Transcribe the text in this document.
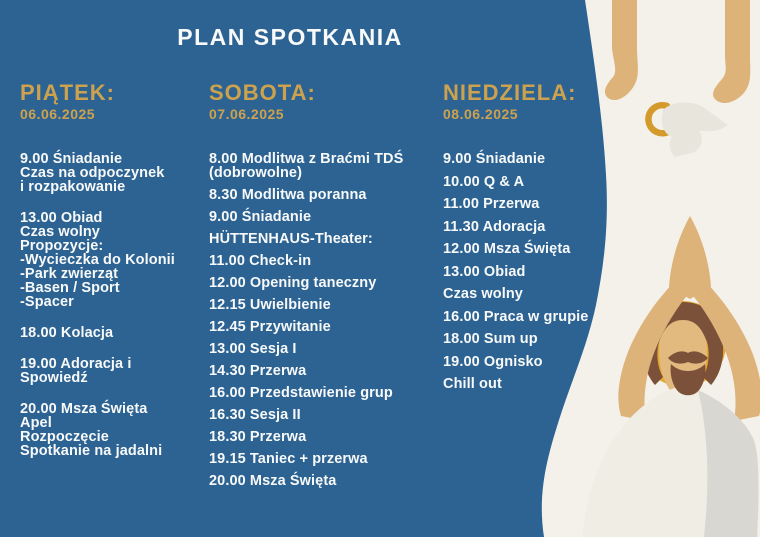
PLAN SPOTKANIA
PIĄTEK:
06.06.2025
9.00 Śniadanie
Czas na odpoczynek
i rozpakowanie
13.00 Obiad
Czas wolny
Propozycje:
-Wycieczka do Kolonii
-Park zwierząt
-Basen / Sport
-Spacer
18.00 Kolacja
19.00 Adoracja i
Spowiedź
20.00 Msza Święta
Apel
Rozpoczęcie
Spotkanie na jadalni
SOBOTA:
07.06.2025
8.00 Modlitwa z Braćmi TDŚ
(dobrowolne)
8.30 Modlitwa poranna
9.00 Śniadanie
HÜTTENHAUS-Theater:
11.00 Check-in
12.00 Opening taneczny
12.15 Uwielbienie
12.45 Przywitanie
13.00 Sesja I
14.30 Przerwa
16.00 Przedstawienie grup
16.30 Sesja II
18.30 Przerwa
19.15 Taniec + przerwa
20.00 Msza Święta
NIEDZIELA:
08.06.2025
9.00 Śniadanie
10.00 Q & A
11.00 Przerwa
11.30 Adoracja
12.00 Msza Święta
13.00 Obiad
Czas wolny
16.00 Praca w grupie
18.00 Sum up
19.00 Ognisko
Chill out
